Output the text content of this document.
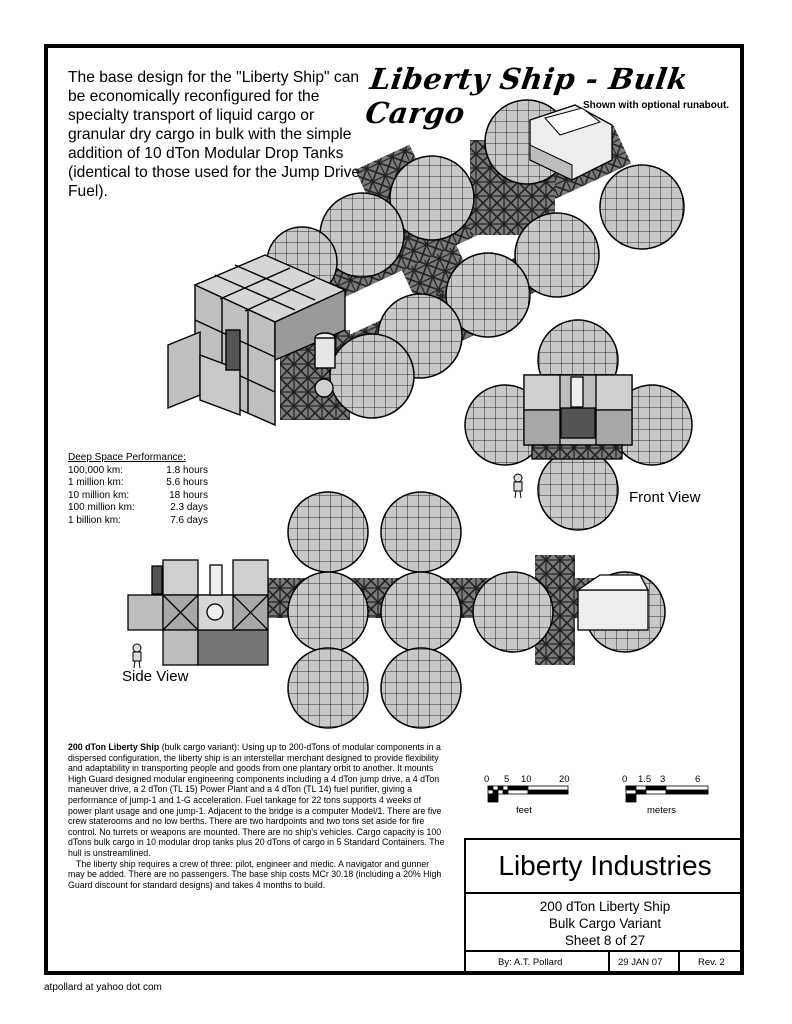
The base design for the "Liberty Ship" can be economically reconfigured for the specialty transport of liquid cargo or granular dry cargo in bulk with the simple addition of 10 dTon Modular Drop Tanks (identical to those used for the Jump Drive Fuel).
Liberty Ship - Bulk Cargo	Shown with optional runabout.
Deep Space Performance:
100,000 km:	1.8 hours
1 million km:	5.6 hours
10 million km:	18 hours
100 million km:	2.3 days
1 billion km:	7.6 days
Front View
Side View

200 dTon Liberty Ship (bulk cargo variant): Using up to 200-dTons of modular components in a dispersed configuration, the liberty ship is an interstellar merchant designed to provide flexibility and adaptability in transporting people and goods from one plantary orbit to another. It mounts High Guard designed modular engineering components including a 4 dTon jump drive, a 4 dTon maneuver drive, a 2 dTon (TL 15) Power Plant and a 4 dTon (TL 14) fuel purifier, giving a performance of jump-1 and 1-G acceleration. Fuel tankage for 22 tons supports 4 weeks of power plant usage and one jump-1. Adjacent to the bridge is a computer Model/1. There are five crew staterooms and no low berths. There are two hardpoints and two tons set aside for fire control. No turrets or weapons are mounted. There are no ship's vehicles. Cargo capacity is 100 dTons bulk cargo in 10 modular drop tanks plus 20 dTons of cargo in 5 Standard Containers. The hull is unstreamlined.

The liberty ship requires a crew of three: pilot, engineer and medic. A navigator and gunner may be added. There are no passengers. The base ship costs MCr 30.18 (including a 20% High Guard discount for standard designs) and takes 4 months to build.

0 5 10	20
feet
0 1.5 3	6
meters
Liberty Industries
200 dTon Liberty Ship
Bulk Cargo Variant
Sheet 8 of 27
By: A.T. Pollard	29 JAN 07	Rev. 2
atpollard at yahoo dot com
